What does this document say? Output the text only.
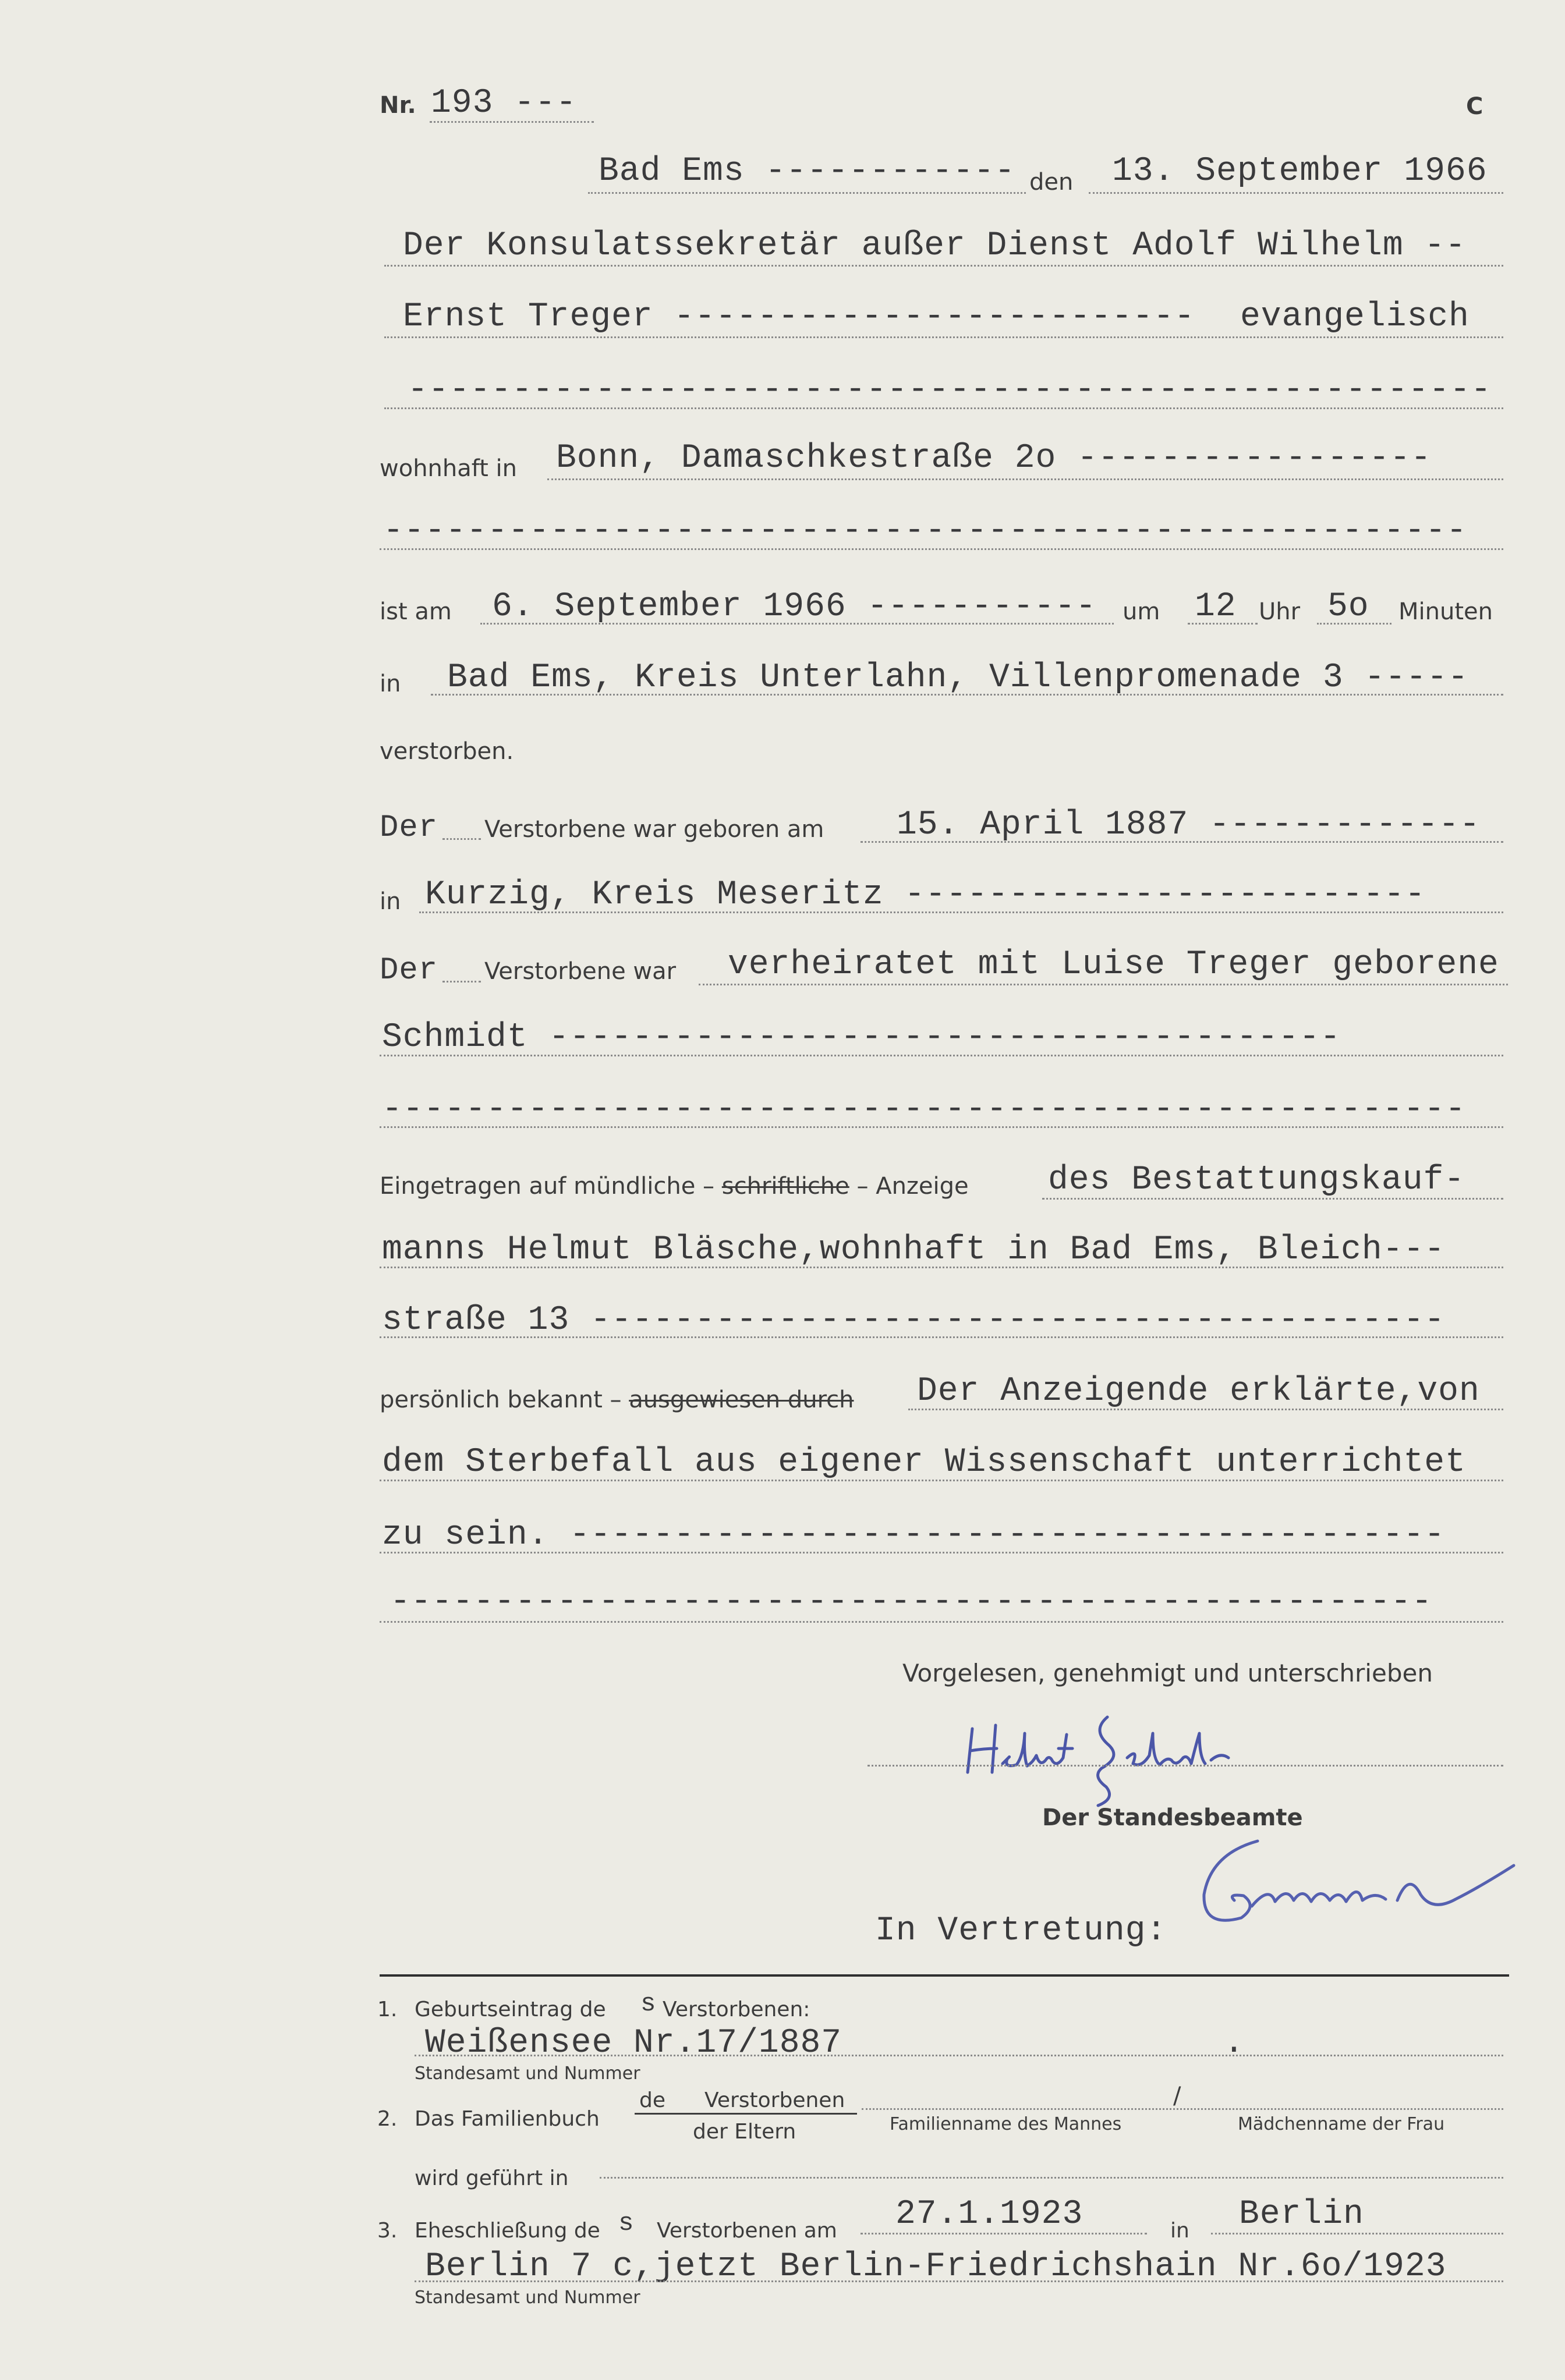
Nr. 193 ---	C
Bad Ems ------------ den 13. September 1966
Der Konsulatssekretär außer Dienst Adolf Wilhelm --
Ernst Treger ------------------------- evangelisch
----------------------------------------------------
wohnhaft in Bonn, Damaschkestraße 2o -----------------
----------------------------------------------------
ist am 6. September 1966 ----------- um 12 Uhr 5o Minuten
in Bad Ems, Kreis Unterlahn, Villenpromenade 3 -----
verstorben.
Der Verstorbene war geboren am 15. April 1887 -------------
in Kurzig, Kreis Meseritz -------------------------
Der Verstorbene war verheiratet mit Luise Treger geborene
Schmidt --------------------------------------
----------------------------------------------------
Eingetragen auf mündliche – schriftliche – Anzeige des Bestattungskauf-
manns Helmut Bläsche,wohnhaft in Bad Ems, Bleich---
straße 13 -----------------------------------------
persönlich bekannt – ausgewiesen durch Der Anzeigende erklärte,von
dem Sterbefall aus eigener Wissenschaft unterrichtet
zu sein. ------------------------------------------
--------------------------------------------------
Vorgelesen, genehmigt und unterschrieben
Der Standesbeamte
In Vertretung:
1. Geburtseintrag de s Verstorbenen:
Weißensee Nr.17/1887	.
Standesamt und Nummer
2. Das Familienbuch
de Verstorbenen
der Eltern
/
Familienname des Mannes	Mädchenname der Frau
wird geführt in
3. Eheschließung de s Verstorbenen am 27.1.1923	in Berlin
Berlin 7 c,jetzt Berlin-Friedrichshain Nr.6o/1923
Standesamt und Nummer
